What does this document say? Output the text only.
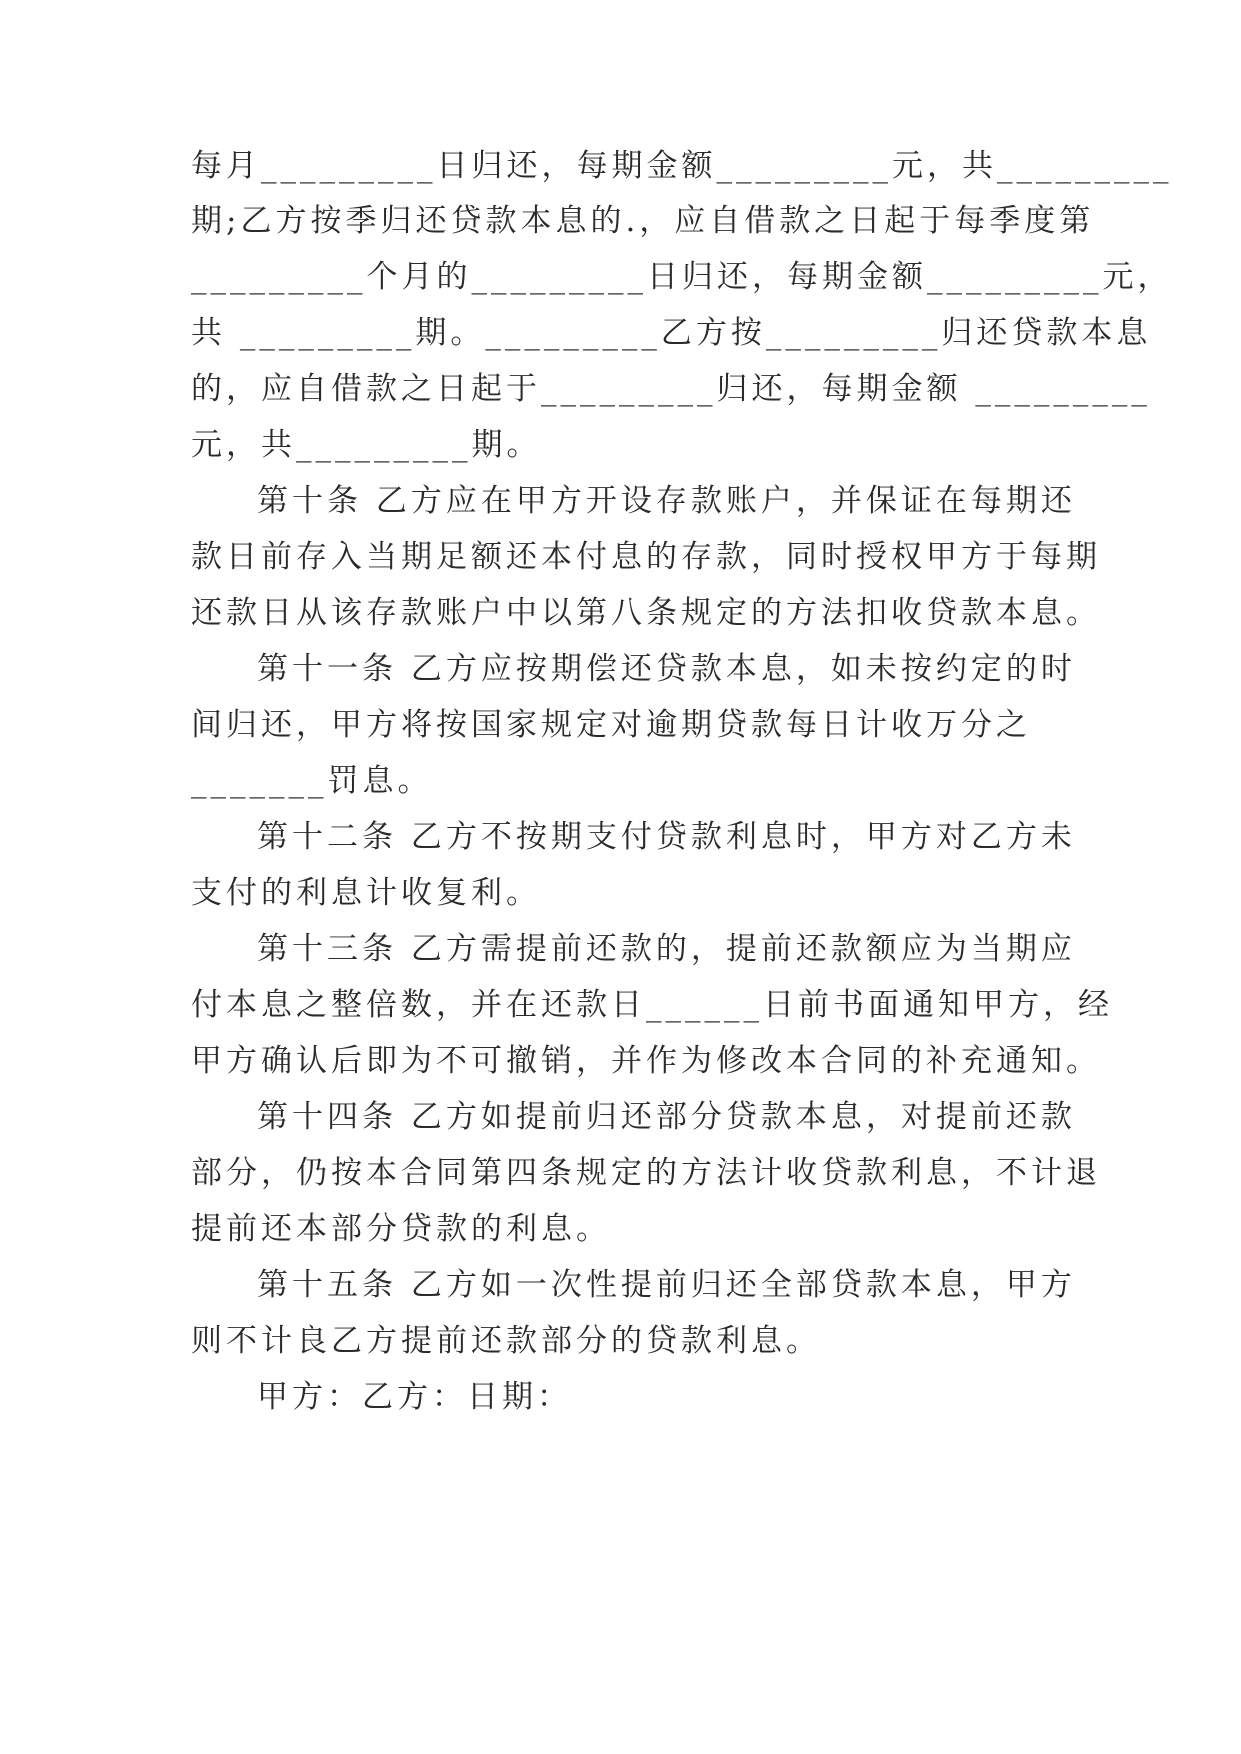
每月_________日归还，每期金额_________元，共_________
期;乙方按季归还贷款本息的.，应自借款之日起于每季度第
_________个月的_________日归还，每期金额_________元，
共 _________期。_________乙方按_________归还贷款本息
的，应自借款之日起于_________归还，每期金额 _________
元，共_________期。
第十条 乙方应在甲方开设存款账户，并保证在每期还
款日前存入当期足额还本付息的存款，同时授权甲方于每期
还款日从该存款账户中以第八条规定的方法扣收贷款本息。
第十一条 乙方应按期偿还贷款本息，如未按约定的时
间归还，甲方将按国家规定对逾期贷款每日计收万分之
_______罚息。
第十二条 乙方不按期支付贷款利息时，甲方对乙方未
支付的利息计收复利。
第十三条 乙方需提前还款的，提前还款额应为当期应
付本息之整倍数，并在还款日______日前书面通知甲方，经
甲方确认后即为不可撤销，并作为修改本合同的补充通知。
第十四条 乙方如提前归还部分贷款本息，对提前还款
部分，仍按本合同第四条规定的方法计收贷款利息，不计退
提前还本部分贷款的利息。
第十五条 乙方如一次性提前归还全部贷款本息，甲方
则不计良乙方提前还款部分的贷款利息。
甲方：乙方：日期：
